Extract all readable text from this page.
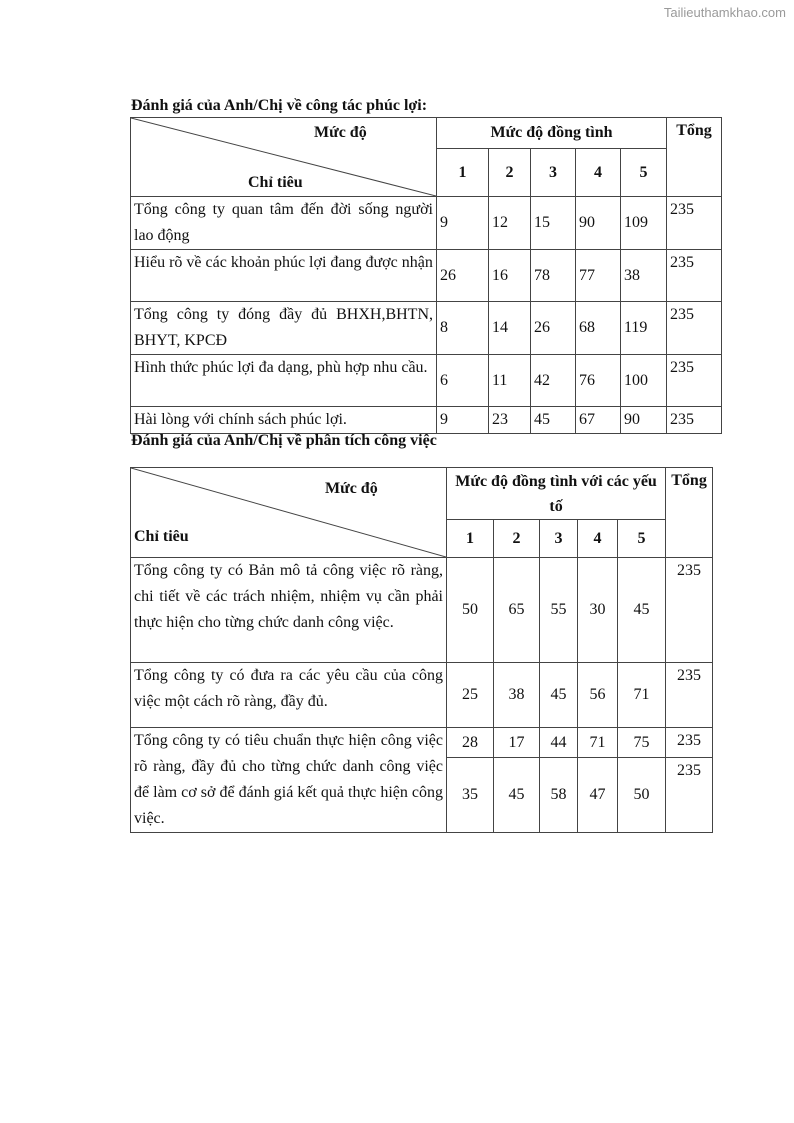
Tailieuthamkhao.com
Đánh giá của Anh/Chị về công tác phúc lợi:
Mức độ
Chỉ tiêu	Mức độ đồng tình					Tổng
	1	2	3	4	5	
Tổng công ty quan tâm đến đời sống người lao động	9	12	15	90	109	235
Hiểu rõ về các khoản phúc lợi đang được nhận	26	16	78	77	38	235
Tổng công ty đóng đầy đủ BHXH,BHTN, BHYT, KPCĐ	8	14	26	68	119	235
Hình thức phúc lợi đa dạng, phù hợp nhu cầu.	6	11	42	76	100	235
Hài lòng với chính sách phúc lợi.	9	23	45	67	90	235
Đánh giá của Anh/Chị về phân tích công việc
Mức độ
Chỉ tiêu	Mức độ đồng tình với các yếu tố					Tổng
	1	2	3	4	5	
Tổng công ty có Bản mô tả công việc rõ ràng, chi tiết về các trách nhiệm, nhiệm vụ cần phải thực hiện cho từng chức danh công việc.	50	65	55	30	45	235
Tổng công ty có đưa ra các yêu cầu của công việc một cách rõ ràng, đầy đủ.	25	38	45	56	71	235
Tổng công ty có tiêu chuẩn thực hiện công việc rõ ràng, đầy đủ cho từng chức danh công việc để làm cơ sở để đánh giá kết quả thực hiện công việc.	28	17	44	71	75	235
	35	45	58	47	50	235
